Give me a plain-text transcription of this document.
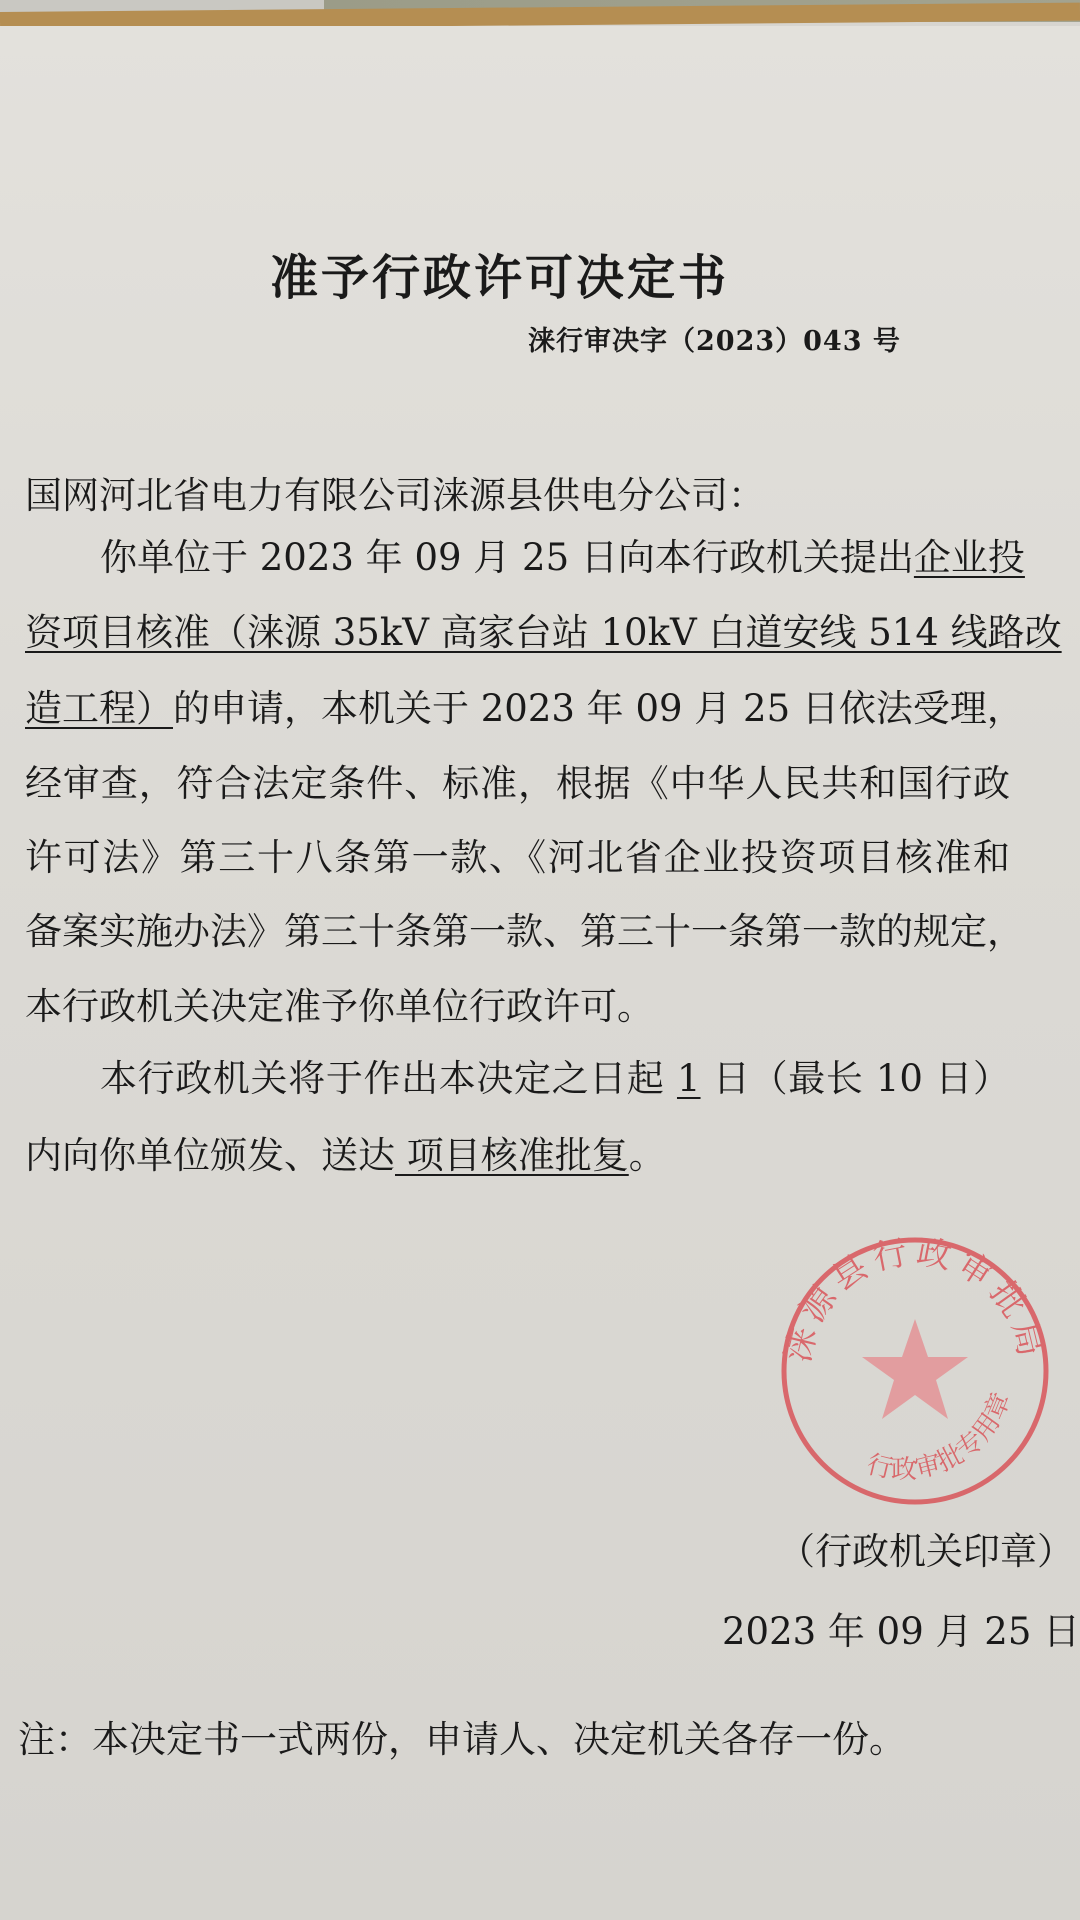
准予行政许可决定书
涞行审决字（2023）043 号
国网河北省电力有限公司涞源县供电分公司：
你单位于 2023 年 09 月 25 日向本行政机关提出企业投
资项目核准（涞源 35kV 高家台站 10kV 白道安线 514 线路改
造工程）的申请，本机关于 2023 年 09 月 25 日依法受理，
经审查，符合法定条件、标准，根据《中华人民共和国行政
许可法》第三十八条第一款、《河北省企业投资项目核准和
备案实施办法》第三十条第一款、第三十一条第一款的规定，
本行政机关决定准予你单位行政许可。
本行政机关将于作出本决定之日起 1 日（最长 10 日）
内向你单位颁发、送达 项目核准批复。
涞源县行政审批局
行政审批专用章
（行政机关印章）
2023 年 09 月 25 日
注：本决定书一式两份，申请人、决定机关各存一份。
